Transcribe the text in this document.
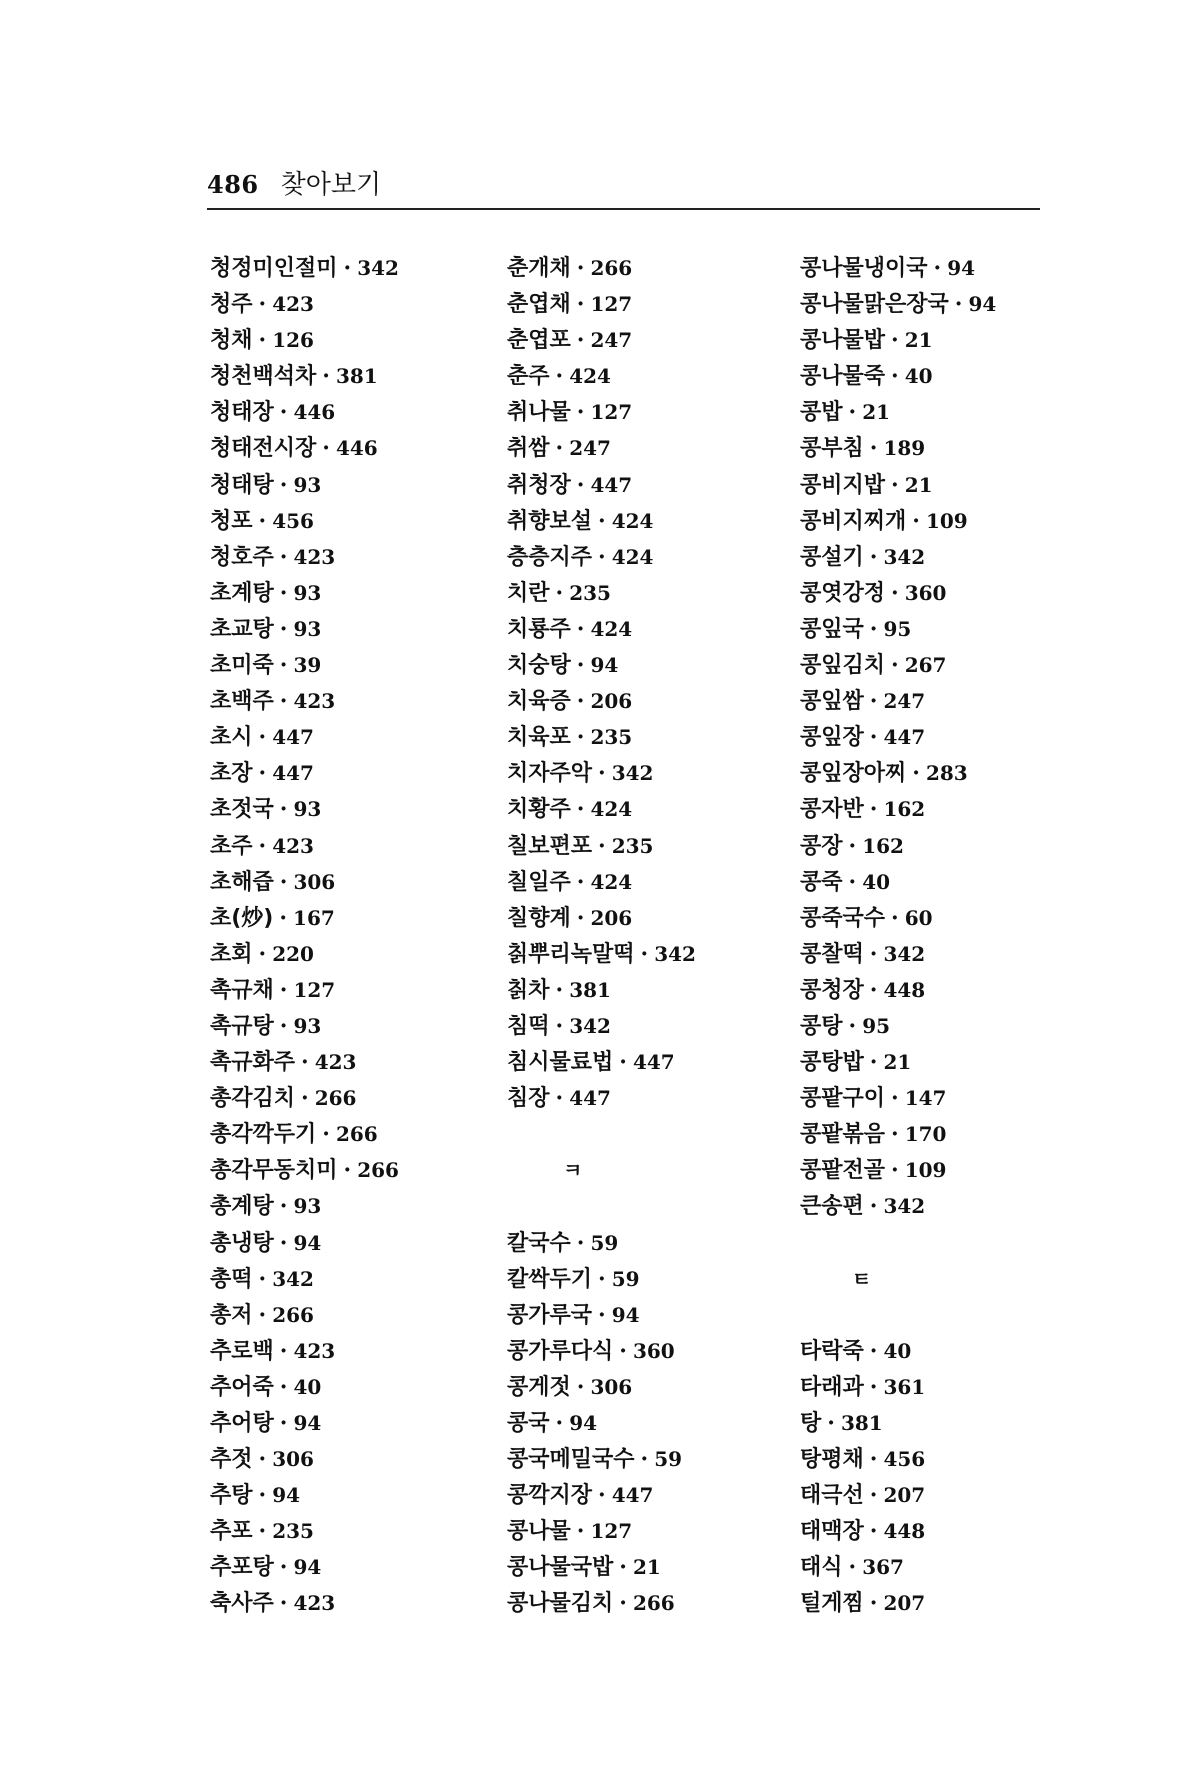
486 찾아보기
청정미인절미 · 342
청주 · 423
청채 · 126
청천백석차 · 381
청태장 · 446
청태전시장 · 446
청태탕 · 93
청포 · 456
청호주 · 423
초계탕 · 93
초교탕 · 93
초미죽 · 39
초백주 · 423
초시 · 447
초장 · 447
초젓국 · 93
초주 · 423
초해즙 · 306
초(炒) · 167
초회 · 220
촉규채 · 127
촉규탕 · 93
촉규화주 · 423
총각김치 · 266
총각깍두기 · 266
총각무동치미 · 266
총계탕 · 93
총냉탕 · 94
총떡 · 342
총저 · 266
추로백 · 423
추어죽 · 40
추어탕 · 94
추젓 · 306
추탕 · 94
추포 · 235
추포탕 · 94
축사주 · 423
춘개채 · 266
춘엽채 · 127
춘엽포 · 247
춘주 · 424
취나물 · 127
취쌈 · 247
취청장 · 447
취향보설 · 424
층층지주 · 424
치란 · 235
치룡주 · 424
치숭탕 · 94
치육증 · 206
치육포 · 235
치자주악 · 342
치황주 · 424
칠보편포 · 235
칠일주 · 424
칠향계 · 206
칡뿌리녹말떡 · 342
칡차 · 381
침떡 · 342
침시물료법 · 447
침장 · 447
ㅋ
칼국수 · 59
칼싹두기 · 59
콩가루국 · 94
콩가루다식 · 360
콩게젓 · 306
콩국 · 94
콩국메밀국수 · 59
콩깍지장 · 447
콩나물 · 127
콩나물국밥 · 21
콩나물김치 · 266
콩나물냉이국 · 94
콩나물맑은장국 · 94
콩나물밥 · 21
콩나물죽 · 40
콩밥 · 21
콩부침 · 189
콩비지밥 · 21
콩비지찌개 · 109
콩설기 · 342
콩엿강정 · 360
콩잎국 · 95
콩잎김치 · 267
콩잎쌈 · 247
콩잎장 · 447
콩잎장아찌 · 283
콩자반 · 162
콩장 · 162
콩죽 · 40
콩죽국수 · 60
콩찰떡 · 342
콩청장 · 448
콩탕 · 95
콩탕밥 · 21
콩팥구이 · 147
콩팥볶음 · 170
콩팥전골 · 109
큰송편 · 342
ㅌ
타락죽 · 40
타래과 · 361
탕 · 381
탕평채 · 456
태극선 · 207
태맥장 · 448
태식 · 367
털게찜 · 207
